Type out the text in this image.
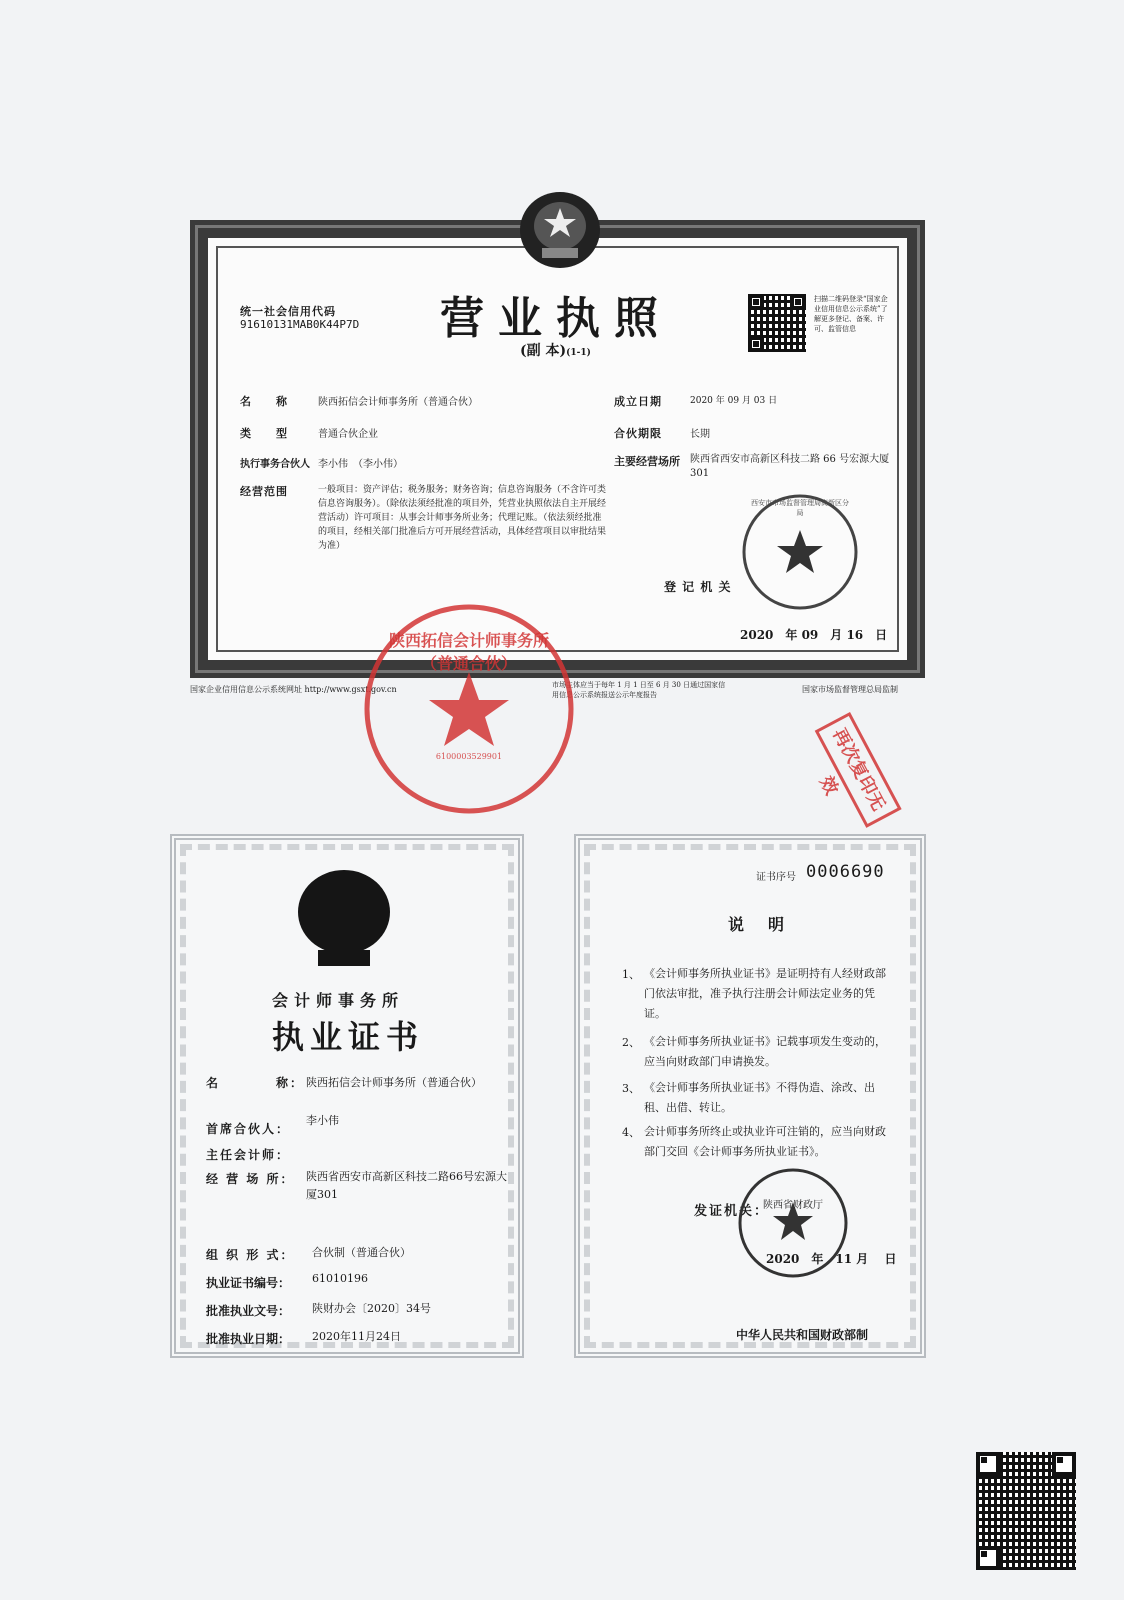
统一社会信用代码
91610131MAB0K44P7D 营业执照
(副 本)(1-1)
扫描二维码登录“国家企业信用信息公示系统”了解更多登记、备案、许可、监管信息
名　　称	陕西拓信会计师事务所（普通合伙）
类　　型	普通合伙企业
执行事务合伙人 李小伟　（李小伟）
经营范围	一般项目：资产评估；税务服务；财务咨询；信息咨询服务（不含许可类信息咨询服务）。（除依法须经批准的项目外，凭营业执照依法自主开展经营活动）许可项目：从事会计师事务所业务；代理记账。（依法须经批准的项目，经相关部门批准后方可开展经营活动，具体经营项目以审批结果为准）
成立日期	2020 年 09 月 03 日
合伙期限	长期
主要经营场所 陕西省西安市高新区科技二路 66 号宏源大厦 301
西安市市场监督管理局高新区分局
登 记 机 关
2020　年 09　月 16　日
国家企业信用信息公示系统网址 http://www.gsxt.gov.cn	市场主体应当于每年 1 月 1 日至 6 月 30 日通过国家信用信息公示系统报送公示年度报告
国家市场监督管理总局监制
陕西拓信会计师事务所（普通合伙）
6100003529901	再次复印无效
会计师事务所
执业证书
名　　　　称： 陕西拓信会计师事务所（普通合伙）
首席合伙人：
李小伟
主任会计师：
经 营 场 所： 陕西省西安市高新区科技二路66号宏源大厦301
组 织 形 式： 合伙制（普通合伙）
执业证书编号： 61010196
批准执业文号： 陕财办会〔2020〕34号
批准执业日期： 2020年11月24日
证书序号 0006690
说　明
1、 《会计师事务所执业证书》是证明持有人经财政部门依法审批，准予执行注册会计师法定业务的凭证。
2、 《会计师事务所执业证书》记载事项发生变动的，应当向财政部门申请换发。
3、 《会计师事务所执业证书》不得伪造、涂改、出租、出借、转让。
4、 会计师事务所终止或执业许可注销的，应当向财政部门交回《会计师事务所执业证书》。
发证机关：
陕西省财政厅
2020　年　11 月 　日
中华人民共和国财政部制
